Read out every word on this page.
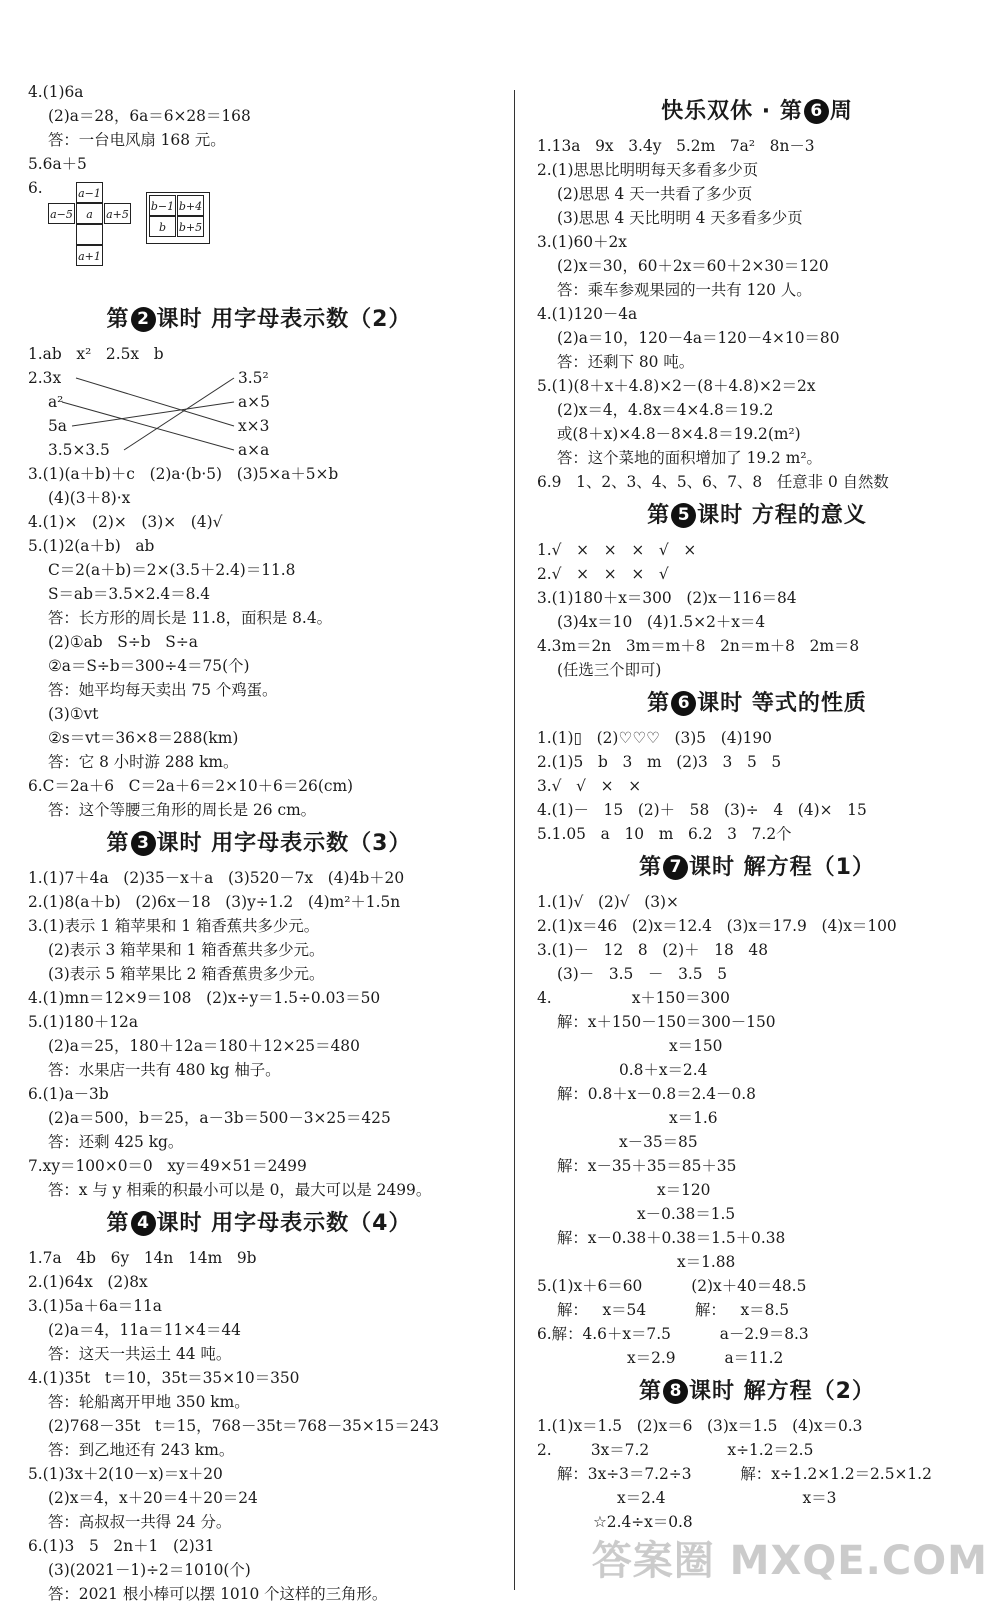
4.(1)6a
(2)a＝28，6a＝6×28＝168
答：一台电风扇 168 元。
5.6a＋5
6.	a−1
a−5	a	a+5
a+1
b−1 b+4
b	b+5
第 2 课时 用字母表示数（2）
1.ab   x²   2.5x   b
2.3x
a²
5a
3.5×3.5
3.5²
a×5
x×3
a×a
3.(1)(a＋b)＋c   (2)a·(b·5)   (3)5×a＋5×b
(4)(3＋8)·x
4.(1)×   (2)×   (3)×   (4)√
5.(1)2(a＋b)   ab
C＝2(a＋b)＝2×(3.5＋2.4)＝11.8
S＝ab＝3.5×2.4＝8.4
答：长方形的周长是 11.8，面积是 8.4。
(2)①ab   S÷b   S÷a
②a＝S÷b＝300÷4＝75(个)
答：她平均每天卖出 75 个鸡蛋。
(3)①vt
②s＝vt＝36×8＝288(km)
答：它 8 小时游 288 km。
6.C＝2a＋6   C＝2a＋6＝2×10＋6＝26(cm)
答：这个等腰三角形的周长是 26 cm。
第 3 课时 用字母表示数（3）
1.(1)7＋4a   (2)35－x＋a   (3)520－7x   (4)4b＋20
2.(1)8(a＋b)   (2)6x－18   (3)y÷1.2   (4)m²＋1.5n
3.(1)表示 1 箱苹果和 1 箱香蕉共多少元。
(2)表示 3 箱苹果和 1 箱香蕉共多少元。
(3)表示 5 箱苹果比 2 箱香蕉贵多少元。
4.(1)mn＝12×9＝108   (2)x÷y＝1.5÷0.03＝50
5.(1)180＋12a
(2)a＝25，180＋12a＝180＋12×25＝480
答：水果店一共有 480 kg 柚子。
6.(1)a－3b
(2)a＝500，b＝25，a－3b＝500－3×25＝425
答：还剩 425 kg。
7.xy＝100×0＝0   xy＝49×51＝2499
答：x 与 y 相乘的积最小可以是 0，最大可以是 2499。
第 4 课时 用字母表示数（4）
1.7a   4b   6y   14n   14m   9b
2.(1)64x   (2)8x
3.(1)5a＋6a＝11a
(2)a＝4，11a＝11×4＝44
答：这天一共运土 44 吨。
4.(1)35t   t＝10，35t＝35×10＝350
答：轮船离开甲地 350 km。
(2)768－35t   t＝15，768－35t＝768－35×15＝243
答：到乙地还有 243 km。
5.(1)3x＋2(10－x)＝x＋20
(2)x＝4，x＋20＝4＋20＝24
答：高叔叔一共得 24 分。
6.(1)3   5   2n＋1   (2)31
(3)(2021－1)÷2＝1010(个)
答：2021 根小棒可以摆 1010 个这样的三角形。
快乐双休 · 第 6 周
1.13a   9x   3.4y   5.2m   7a²   8n－3
2.(1)思思比明明每天多看多少页
(2)思思 4 天一共看了多少页
(3)思思 4 天比明明 4 天多看多少页
3.(1)60＋2x
(2)x＝30，60＋2x＝60＋2×30＝120
答：乘车参观果园的一共有 120 人。
4.(1)120－4a
(2)a＝10，120－4a＝120－4×10＝80
答：还剩下 80 吨。
5.(1)(8＋x＋4.8)×2－(8＋4.8)×2＝2x
(2)x＝4，4.8x＝4×4.8＝19.2
或(8＋x)×4.8－8×4.8＝19.2(m²)
答：这个菜地的面积增加了 19.2 m²。
6.9   1、2、3、4、5、6、7、8   任意非 0 自然数
第 5 课时 方程的意义
1.√   ×   ×   ×   √   ×
2.√   ×   ×   ×   √
3.(1)180＋x＝300   (2)x－116＝84
(3)4x＝10   (4)1.5×2＋x＝4
4.3m＝2n   3m＝m＋8   2n＝m＋8   2m＝8
(任选三个即可)
第 6 课时 等式的性质
1.(1)▯   (2)♡♡♡   (3)5   (4)190
2.(1)5   b   3   m   (2)3   3   5   5
3.√   √   ×   ×
4.(1)－   15   (2)＋   58   (3)÷   4   (4)×   15
5.1.05   a   10   m   6.2   3   7.2个
第 7 课时 解方程（1）
1.(1)√   (2)√   (3)×
2.(1)x＝46   (2)x＝12.4   (3)x＝17.9   (4)x＝100
3.(1)－   12   8   (2)＋   18   48
(3)－   3.5   －   3.5   5
4.	x＋150＝300
解：x＋150－150＝300－150
x＝150
0.8＋x＝2.4
解：0.8＋x－0.8＝2.4－0.8
x＝1.6
x－35＝85
解：x－35＋35＝85＋35
x＝120
x－0.38＝1.5
解：x－0.38＋0.38＝1.5＋0.38
x＝1.88
5.(1)x＋6＝60          (2)x＋40＝48.5
解：   x＝54          解：   x＝8.5
6.解：4.6＋x＝7.5          a－2.9＝8.3
x＝2.9          a＝11.2
第 8 课时 解方程（2）
1.(1)x＝1.5   (2)x＝6   (3)x＝1.5   (4)x＝0.3
2.        3x＝7.2                x÷1.2＝2.5
解：3x÷3＝7.2÷3          解：x÷1.2×1.2＝2.5×1.2
x＝2.4                            x＝3
☆2.4÷x＝0.8
答案圈 MXQE.COM
